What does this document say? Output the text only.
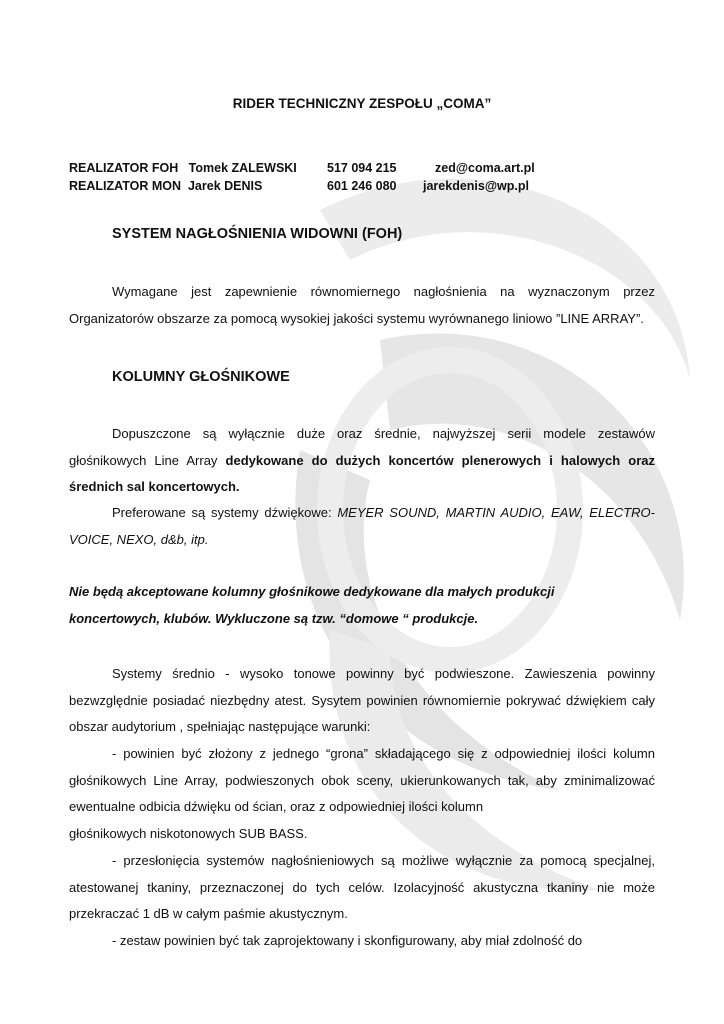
RIDER TECHNICZNY ZESPOŁU „COMA”
REALIZATOR FOH   Tomek ZALEWSKI	517 094 215	zed@coma.art.pl
REALIZATOR MON  Jarek DENIS	601 246 080	jarekdenis@wp.pl
SYSTEM NAGŁOŚNIENIA WIDOWNI (FOH)
Wymagane jest zapewnienie równomiernego nagłośnienia na wyznaczonym przez Organizatorów obszarze za pomocą wysokiej jakości systemu wyrównanego liniowo ”LINE ARRAY”.
KOLUMNY GŁOŚNIKOWE
Dopuszczone są wyłącznie duże oraz średnie, najwyższej serii modele zestawów głośnikowych Line Array dedykowane do dużych koncertów plenerowych i halowych oraz średnich sal koncertowych.
Preferowane są systemy dźwiękowe: MEYER SOUND, MARTIN AUDIO, EAW, ELECTRO-VOICE, NEXO, d&b, itp.
Nie będą akceptowane kolumny głośnikowe dedykowane dla małych produkcji
koncertowych, klubów. Wykluczone są tzw. “domowe “ produkcje.
Systemy średnio - wysoko tonowe powinny być podwieszone. Zawieszenia powinny bezwzględnie posiadać niezbędny atest. Sysytem powinien równomiernie pokrywać dźwiękiem cały obszar audytorium , spełniając następujące warunki:
- powinien być złożony z jednego “grona” składającego się z odpowiedniej ilości kolumn głośnikowych Line Array, podwieszonych obok sceny, ukierunkowanych tak, aby zminimalizować ewentualne odbicia dźwięku od ścian, oraz z odpowiedniej ilości kolumn
głośnikowych niskotonowych SUB BASS.
- przesłonięcia systemów nagłośnieniowych są możliwe wyłącznie za pomocą specjalnej, atestowanej tkaniny, przeznaczonej do tych celów. Izolacyjność akustyczna tkaniny nie może przekraczać 1 dB w całym paśmie akustycznym.
- zestaw powinien być tak zaprojektowany i skonfigurowany, aby miał zdolność do
